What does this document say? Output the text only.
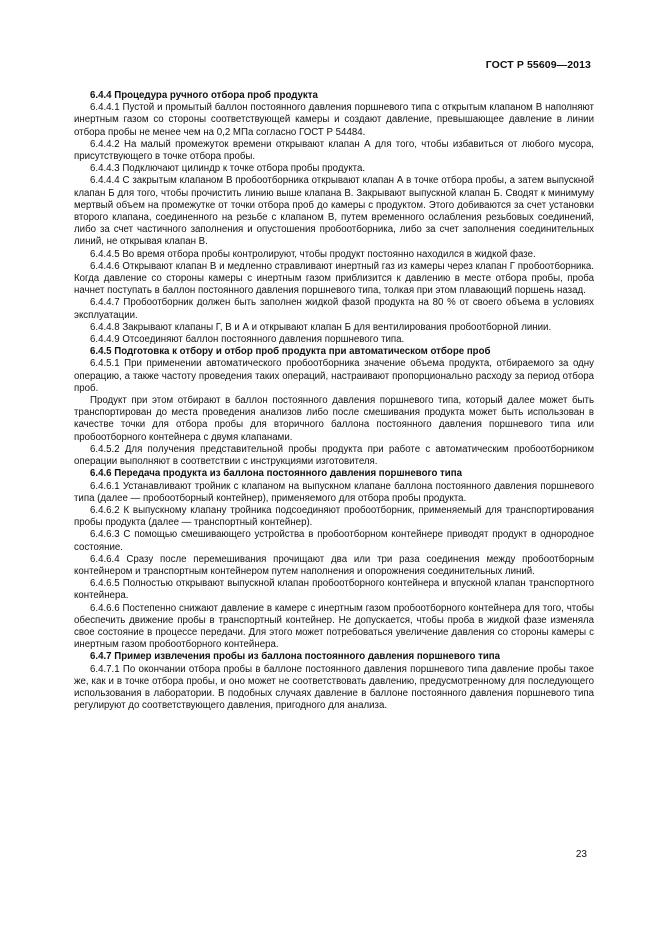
ГОСТ Р 55609—2013

6.4.4 Процедура ручного отбора проб продукта

6.4.4.1 Пустой и промытый баллон постоянного давления поршневого типа с открытым клапаном В наполняют инертным газом со стороны соответствующей камеры и создают давление, превышающее давление в линии отбора пробы не менее чем на 0,2 МПа согласно ГОСТ Р 54484.

6.4.4.2 На малый промежуток времени открывают клапан А для того, чтобы избавиться от любого мусора, присутствующего в точке отбора пробы.

6.4.4.3 Подключают цилиндр к точке отбора пробы продукта.

6.4.4.4 С закрытым клапаном В пробоотборника открывают клапан А в точке отбора пробы, а затем выпускной клапан Б для того, чтобы прочистить линию выше клапана В. Закрывают выпускной клапан Б. Сводят к минимуму мертвый объем на промежутке от точки отбора проб до камеры с продуктом. Этого добиваются за счет установки второго клапана, соединенного на резьбе с клапаном В, путем временного ослабления резьбовых соединений, либо за счет частичного заполнения и опустошения пробоотборника, либо за счет заполнения соединительных линий, не открывая клапан В.

6.4.4.5 Во время отбора пробы контролируют, чтобы продукт постоянно находился в жидкой фазе.

6.4.4.6 Открывают клапан В и медленно стравливают инертный газ из камеры через клапан Г пробоотборника. Когда давление со стороны камеры с инертным газом приблизится к давлению в месте отбора пробы, проба начнет поступать в баллон постоянного давления поршневого типа, толкая при этом плавающий поршень назад.

6.4.4.7 Пробоотборник должен быть заполнен жидкой фазой продукта на 80 % от своего объема в условиях эксплуатации.

6.4.4.8 Закрывают клапаны Г, В и А и открывают клапан Б для вентилирования пробоотборной линии.

6.4.4.9 Отсоединяют баллон постоянного давления поршневого типа.

6.4.5 Подготовка к отбору и отбор проб продукта при автоматическом отборе проб

6.4.5.1 При применении автоматического пробоотборника значение объема продукта, отбираемого за одну операцию, а также частоту проведения таких операций, настраивают пропорционально расходу за период отбора проб.

Продукт при этом отбирают в баллон постоянного давления поршневого типа, который далее может быть транспортирован до места проведения анализов либо после смешивания продукта может быть использован в качестве точки для отбора пробы для вторичного баллона постоянного давления поршневого типа или пробоотборного контейнера с двумя клапанами.

6.4.5.2 Для получения представительной пробы продукта при работе с автоматическим пробоотборником операции выполняют в соответствии с инструкциями изготовителя.

6.4.6 Передача продукта из баллона постоянного давления поршневого типа

6.4.6.1 Устанавливают тройник с клапаном на выпускном клапане баллона постоянного давления поршневого типа (далее — пробоотборный контейнер), применяемого для отбора пробы продукта.

6.4.6.2 К выпускному клапану тройника подсоединяют пробоотборник, применяемый для транспортирования пробы продукта (далее — транспортный контейнер).

6.4.6.3 С помощью смешивающего устройства в пробоотборном контейнере приводят продукт в однородное состояние.

6.4.6.4 Сразу после перемешивания прочищают два или три раза соединения между пробоотборным контейнером и транспортным контейнером путем наполнения и опорожнения соединительных линий.

6.4.6.5 Полностью открывают выпускной клапан пробоотборного контейнера и впускной клапан транспортного контейнера.

6.4.6.6 Постепенно снижают давление в камере с инертным газом пробоотборного контейнера для того, чтобы обеспечить движение пробы в транспортный контейнер. Не допускается, чтобы проба в жидкой фазе изменяла свое состояние в процессе передачи. Для этого может потребоваться увеличение давления со стороны камеры с инертным газом пробоотборного контейнера.

6.4.7 Пример извлечения пробы из баллона постоянного давления поршневого типа

6.4.7.1 По окончании отбора пробы в баллоне постоянного давления поршневого типа давление пробы такое же, как и в точке отбора пробы, и оно может не соответствовать давлению, предусмотренному для последующего использования в лаборатории. В подобных случаях давление в баллоне постоянного давления поршневого типа регулируют до соответствующего давления, пригодного для анализа.

23
